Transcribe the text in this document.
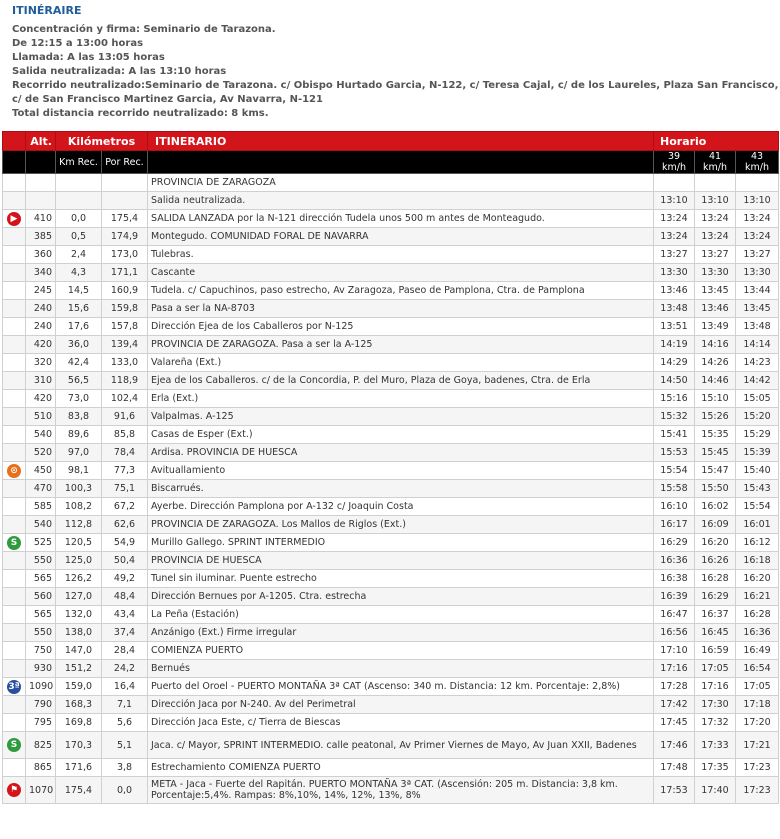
ITINÉRAIRE
Concentración y firma: Seminario de Tarazona.
De 12:15 a 13:00 horas
Llamada: A las 13:05 horas
Salida neutralizada: A las 13:10 horas
Recorrido neutralizado:Seminario de Tarazona. c/ Obispo Hurtado Garcia, N-122, c/ Teresa Cajal, c/ de los Laureles, Plaza San Francisco, c/ de San Francisco Martinez Garcia, Av Navarra, N-121
Total distancia recorrido neutralizado: 8 kms.
	Alt.	Kilómetros		ITINERARIO	Horario		
		Km Rec.	Por Rec.		39 km/h	41 km/h	43 km/h
				PROVINCIA DE ZARAGOZA			
				Salida neutralizada.	13:10	13:10	13:10
▶	410	0,0	175,4	SALIDA LANZADA por la N-121 dirección Tudela unos 500 m antes de Monteagudo.	13:24	13:24	13:24
	385	0,5	174,9	Montegudo. COMUNIDAD FORAL DE NAVARRA	13:24	13:24	13:24
	360	2,4	173,0	Tulebras.	13:27	13:27	13:27
	340	4,3	171,1	Cascante	13:30	13:30	13:30
	245	14,5	160,9	Tudela. c/ Capuchinos, paso estrecho, Av Zaragoza, Paseo de Pamplona, Ctra. de Pamplona	13:46	13:45	13:44
	240	15,6	159,8	Pasa a ser la NA-8703	13:48	13:46	13:45
	240	17,6	157,8	Dirección Ejea de los Caballeros por N-125	13:51	13:49	13:48
	420	36,0	139,4	PROVINCIA DE ZARAGOZA. Pasa a ser la A-125	14:19	14:16	14:14
	320	42,4	133,0	Valareña (Ext.)	14:29	14:26	14:23
	310	56,5	118,9	Ejea de los Caballeros. c/ de la Concordia, P. del Muro, Plaza de Goya, badenes, Ctra. de Erla	14:50	14:46	14:42
	420	73,0	102,4	Erla (Ext.)	15:16	15:10	15:05
	510	83,8	91,6	Valpalmas. A-125	15:32	15:26	15:20
	540	89,6	85,8	Casas de Esper (Ext.)	15:41	15:35	15:29
	520	97,0	78,4	Ardisa. PROVINCIA DE HUESCA	15:53	15:45	15:39
⊙	450	98,1	77,3	Avituallamiento	15:54	15:47	15:40
	470	100,3	75,1	Biscarrués.	15:58	15:50	15:43
	585	108,2	67,2	Ayerbe. Dirección Pamplona por A-132 c/ Joaquin Costa	16:10	16:02	15:54
	540	112,8	62,6	PROVINCIA DE ZARAGOZA. Los Mallos de Riglos (Ext.)	16:17	16:09	16:01
S	525	120,5	54,9	Murillo Gallego. SPRINT INTERMEDIO	16:29	16:20	16:12
	550	125,0	50,4	PROVINCIA DE HUESCA	16:36	16:26	16:18
	565	126,2	49,2	Tunel sin iluminar. Puente estrecho	16:38	16:28	16:20
	560	127,0	48,4	Dirección Bernues por A-1205. Ctra. estrecha	16:39	16:29	16:21
	565	132,0	43,4	La Peña (Estación)	16:47	16:37	16:28
	550	138,0	37,4	Anzánigo (Ext.) Firme irregular	16:56	16:45	16:36
	750	147,0	28,4	COMIENZA PUERTO	17:10	16:59	16:49
	930	151,2	24,2	Bernués	17:16	17:05	16:54
3ª	1090	159,0	16,4	Puerto del Oroel - PUERTO MONTAÑA 3ª CAT (Ascenso: 340 m. Distancia: 12 km. Porcentaje: 2,8%)	17:28	17:16	17:05
	790	168,3	7,1	Dirección Jaca por N-240. Av del Perimetral	17:42	17:30	17:18
	795	169,8	5,6	Dirección Jaca Este, c/ Tierra de Biescas	17:45	17:32	17:20
S	825	170,3	5,1	Jaca. c/ Mayor, SPRINT INTERMEDIO. calle peatonal, Av Primer Viernes de Mayo, Av Juan XXII, Badenes	17:46	17:33	17:21
	865	171,6	3,8	Estrechamiento COMIENZA PUERTO	17:48	17:35	17:23
⚑	1070	175,4	0,0	META - Jaca - Fuerte del Rapitán. PUERTO MONTAÑA 3ª CAT. (Ascensión: 205 m. Distancia: 3,8 km. Porcentaje:5,4%. Rampas: 8%,10%, 14%, 12%, 13%, 8%	17:53	17:40	17:23
